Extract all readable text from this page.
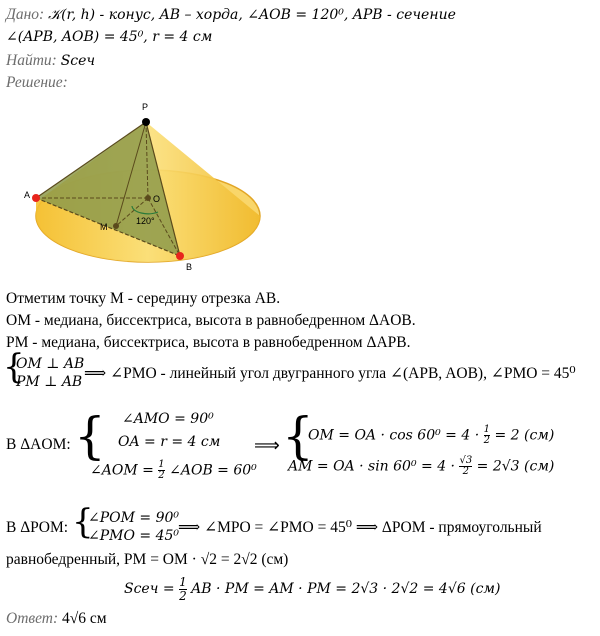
Дано: 𝒦(r, h) - конус, AB – хорда, ∠AOB = 120⁰, APB - сечение
∠(APB, AOB) = 45⁰, r = 4 см
Найти: Sсеч
Решение:
P
A	O
M
B
120°
Отметим точку M - середину отрезка AB.
OM - медиана, биссектриса, высота в равнобедренном ΔAOB.
PM - медиана, биссектриса, высота в равнобедренном ΔAPB.
{
OM ⊥ AB
PM ⊥ AB ⟹ ∠PMO - линейный угол двугранного угла ∠(APB, AOB), ∠PMO = 45⁰
В ΔAOM: { ∠AMO = 90⁰
OA = r = 4 см
∠AOM = $\frac{1}{2}$ ∠AOB = 60⁰
⟹ {
OM = OA · $\cos 60^0 = 4 \cdot \frac{1}{2} = 2$ (см)
AM = OA · $\sin 60^0 = 4 \cdot \frac{√3}{2} = 2√3$ (см)
В ΔPOM: {
∠POM = 90⁰
∠PMO = 45⁰
⟹ ∠MPO = ∠PMO = 45⁰ ⟹ ΔPOM - прямоугольный
равнобедренный, PM = OM · √2 = 2√2 (см)
Sсеч = $\frac{1}{2}$ AB · PM = AM · PM = 2√3 · 2√2 = 4√6 (см)
Ответ: 4√6 см
